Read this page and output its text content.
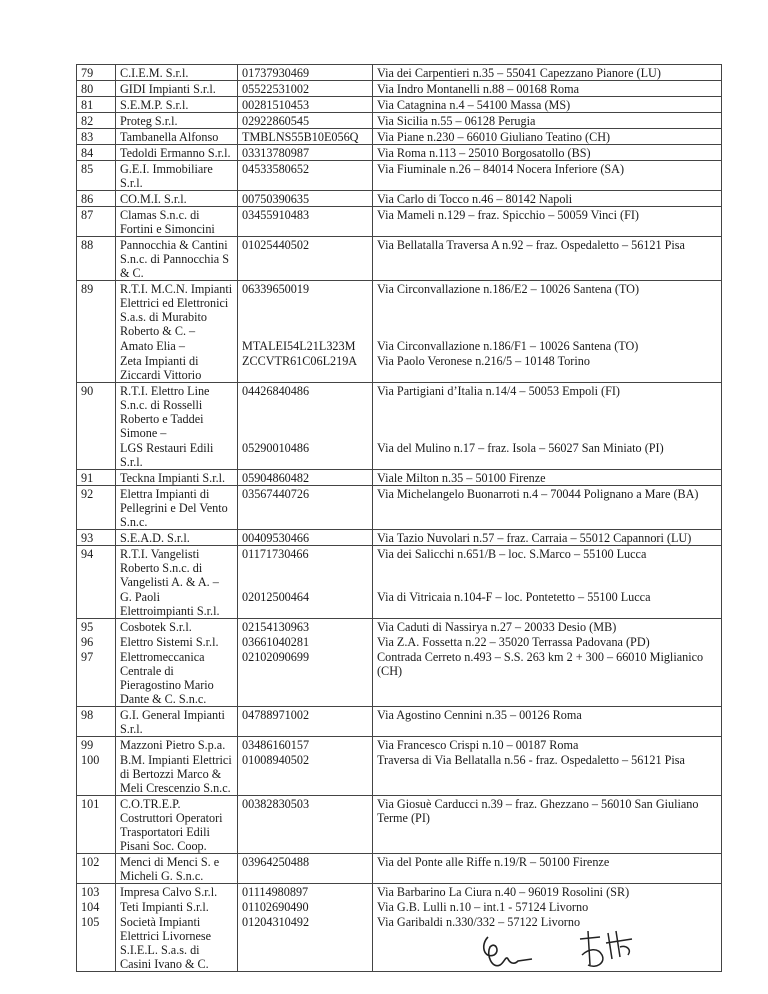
79	C.I.E.M. S.r.l.	01737930469	Via dei Carpentieri n.35 – 55041 Capezzano Pianore (LU)
80	GIDI Impianti S.r.l.	05522531002	Via Indro Montanelli n.88 – 00168 Roma
81	S.E.M.P. S.r.l.	00281510453	Via Catagnina n.4 – 54100 Massa (MS)
82	Proteg S.r.l.	02922860545	Via Sicilia n.55 – 06128 Perugia
83	Tambanella Alfonso	TMBLNS55B10E056Q	Via Piane n.230 – 66010 Giuliano Teatino (CH)
84	Tedoldi Ermanno S.r.l.	03313780987	Via Roma n.113 – 25010 Borgosatollo (BS)
85	G.E.I. Immobiliare S.r.l.	04533580652	Via Fiuminale n.26 – 84014 Nocera Inferiore (SA)
86	CO.M.I. S.r.l.	00750390635	Via Carlo di Tocco n.46 – 80142 Napoli
87	Clamas S.n.c. di Fortini e Simoncini	03455910483	Via Mameli n.129 – fraz. Spicchio – 50059 Vinci (FI)
88	Pannocchia & Cantini S.n.c. di Pannocchia S & C.	01025440502	Via Bellatalla Traversa A n.92 – fraz. Ospedaletto – 56121 Pisa
89	R.T.I. M.C.N. Impianti Elettrici ed Elettronici S.a.s. di Murabito Roberto & C. –	06339650019	Via Circonvallazione n.186/E2 – 10026 Santena (TO)
	Amato Elia –	MTALEI54L21L323M	Via Circonvallazione n.186/F1 – 10026 Santena (TO)
	Zeta Impianti di Ziccardi Vittorio	ZCCVTR61C06L219A	Via Paolo Veronese n.216/5 – 10148 Torino
90	R.T.I. Elettro Line S.n.c. di Rosselli Roberto e Taddei Simone –	04426840486	Via Partigiani d’Italia n.14/4 – 50053 Empoli (FI)
	LGS Restauri Edili S.r.l.	05290010486	Via del Mulino n.17 – fraz. Isola – 56027 San Miniato (PI)
91	Teckna Impianti S.r.l.	05904860482	Viale Milton n.35 – 50100 Firenze
92	Elettra Impianti di Pellegrini e Del Vento S.n.c.	03567440726	Via Michelangelo Buonarroti n.4 – 70044 Polignano a Mare (BA)
93	S.E.A.D. S.r.l.	00409530466	Via Tazio Nuvolari n.57 – fraz. Carraia – 55012 Capannori (LU)
94	R.T.I. Vangelisti Roberto S.n.c. di Vangelisti A. & A. –	01171730466	Via dei Salicchi n.651/B – loc. S.Marco – 55100 Lucca
	G. Paoli Elettroimpianti S.r.l.	02012500464	Via di Vitricaia n.104-F – loc. Pontetetto – 55100 Lucca
95	Cosbotek S.r.l.	02154130963	Via Caduti di Nassirya n.27 – 20033 Desio (MB)
96	Elettro Sistemi S.r.l.	03661040281	Via Z.A. Fossetta n.22 – 35020 Terrassa Padovana (PD)
97	Elettromeccanica Centrale di Pieragostino Mario Dante & C. S.n.c.	02102090699	Contrada Cerreto n.493 – S.S. 263 km 2 + 300 – 66010 Miglianico (CH)
98	G.I. General Impianti S.r.l.	04788971002	Via Agostino Cennini n.35 – 00126 Roma
99	Mazzoni Pietro S.p.a.	03486160157	Via Francesco Crispi n.10 – 00187 Roma
100	B.M. Impianti Elettrici di Bertozzi Marco & Meli Crescenzio S.n.c.	01008940502	Traversa di Via Bellatalla n.56 - fraz. Ospedaletto – 56121 Pisa
101	C.O.TR.E.P. Costruttori Operatori Trasportatori Edili Pisani Soc. Coop.	00382830503	Via Giosuè Carducci n.39 – fraz. Ghezzano – 56010 San Giuliano Terme (PI)
102	Menci di Menci S. e Micheli G. S.n.c.	03964250488	Via del Ponte alle Riffe n.19/R – 50100 Firenze
103	Impresa Calvo S.r.l.	01114980897	Via Barbarino La Ciura n.40 – 96019 Rosolini (SR)
104	Teti Impianti S.r.l.	01102690490	Via G.B. Lulli n.10 – int.1 - 57124 Livorno
105	Società Impianti Elettrici Livornese S.I.E.L. S.a.s. di Casini Ivano & C.	01204310492	Via Garibaldi n.330/332 – 57122 Livorno
